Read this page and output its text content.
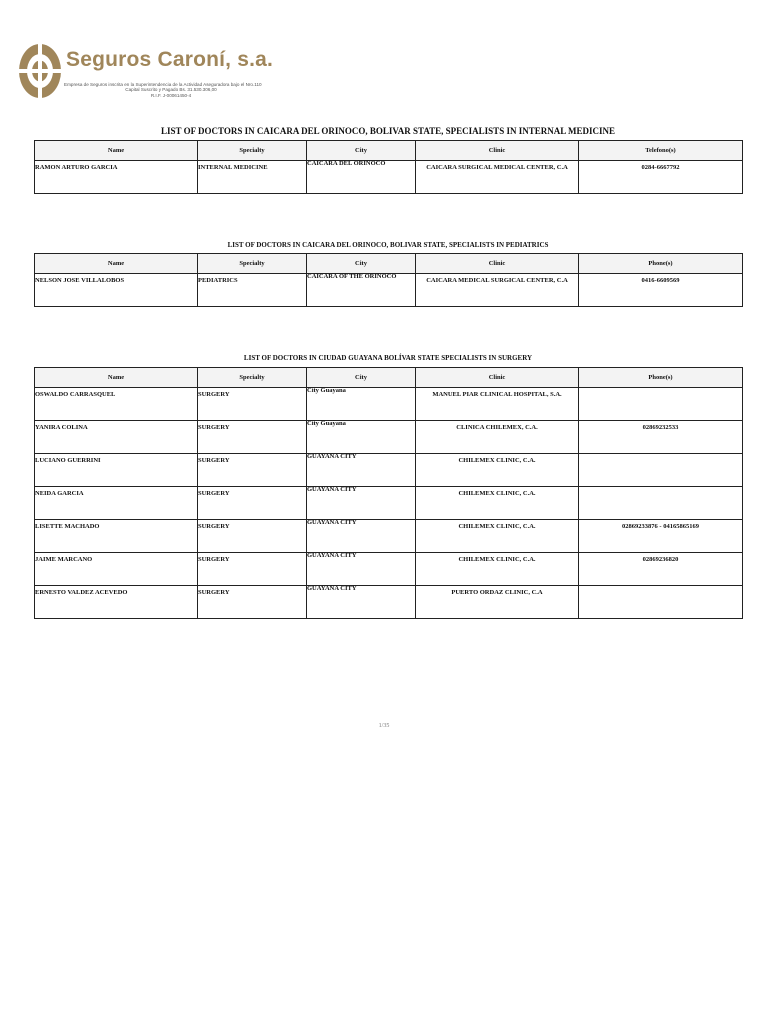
Seguros Caroní, s.a.
Empresa de Seguros inscrita en la Superintendencia de la Actividad Aseguradora bajo el Nro.110
Capital Suscrito y Pagado Bs. 31.530.306,00
R.I.F. J-00061450-4
LIST OF DOCTORS IN CAICARA DEL ORINOCO, BOLIVAR STATE, SPECIALISTS IN INTERNAL MEDICINE
Name	Specialty	City	Clinic	Telefono(s)
RAMON ARTURO GARCIA	INTERNAL MEDICINE	CAICARA DEL ORINOCO	CAICARA SURGICAL MEDICAL CENTER, C.A	0284-6667792
LIST OF DOCTORS IN CAICARA DEL ORINOCO, BOLIVAR STATE, SPECIALISTS IN PEDIATRICS
Name	Specialty	City	Clinic	Phone(s)
NELSON JOSE VILLALOBOS	PEDIATRICS	CAICARA OF THE ORINOCO	CAICARA MEDICAL SURGICAL CENTER, C.A	0416-6609569
LIST OF DOCTORS IN CIUDAD GUAYANA BOLÍVAR STATE SPECIALISTS IN SURGERY
Name	Specialty	City	Clinic	Phone(s)
OSWALDO CARRASQUEL	SURGERY	City Guayana	MANUEL PIAR CLINICAL HOSPITAL, S.A.	
YANIRA COLINA	SURGERY	City Guayana	CLINICA CHILEMEX, C.A.	02869232533
LUCIANO GUERRINI	SURGERY	GUAYANA CITY	CHILEMEX CLINIC, C.A.	
NEIDA GARCIA	SURGERY	GUAYANA CITY	CHILEMEX CLINIC, C.A.	
LISETTE MACHADO	SURGERY	GUAYANA CITY	CHILEMEX CLINIC, C.A.	02869233876 - 04165865169
JAIME MARCANO	SURGERY	GUAYANA CITY	CHILEMEX CLINIC, C.A.	02869236820
ERNESTO VALDEZ ACEVEDO	SURGERY	GUAYANA CITY	PUERTO ORDAZ CLINIC, C.A	
1/35
